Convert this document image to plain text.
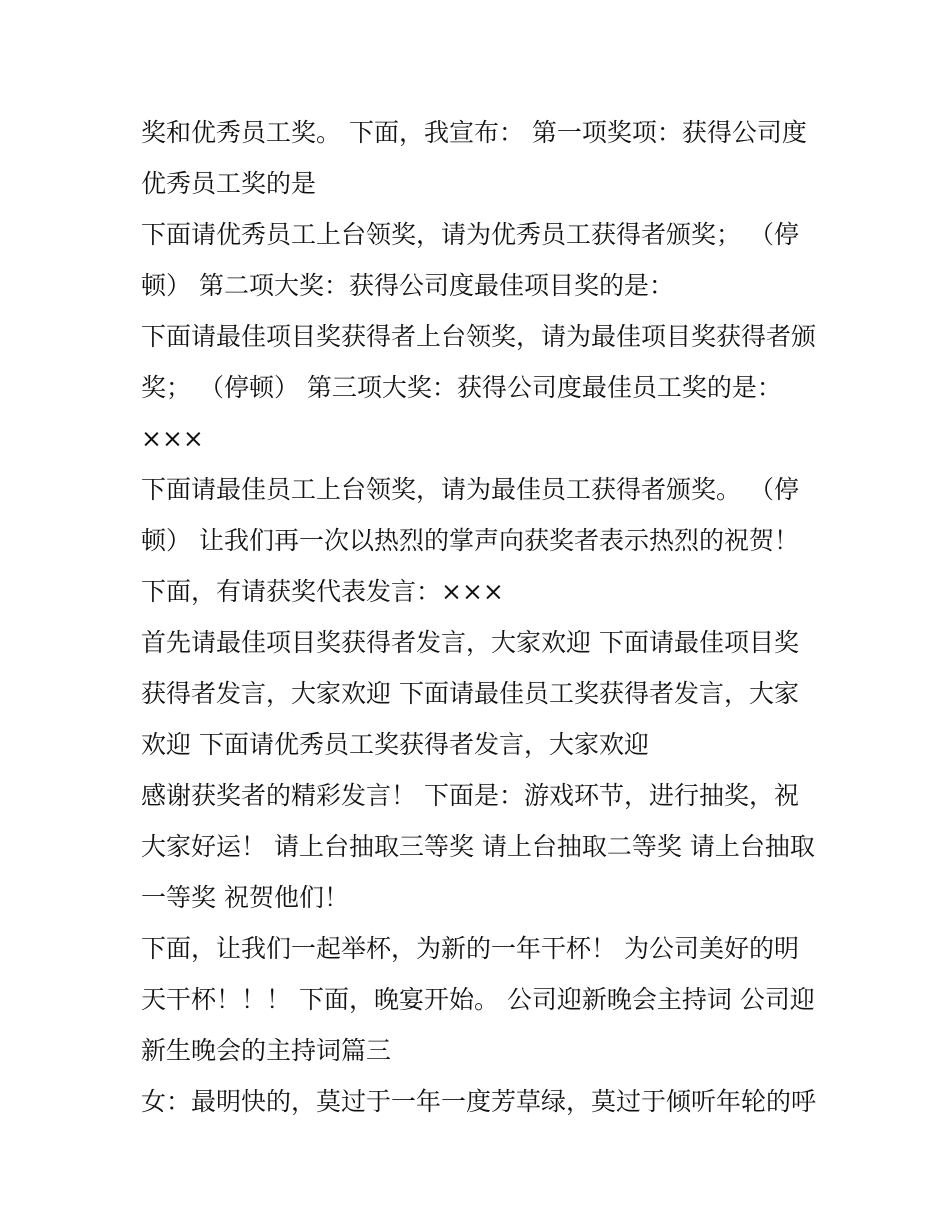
奖和优秀员工奖。 下面，我宣布： 第一项奖项：获得公司度
优秀员工奖的是
下面请优秀员工上台领奖，请为优秀员工获得者颁奖； （停
顿） 第二项大奖：获得公司度最佳项目奖的是：
下面请最佳项目奖获得者上台领奖，请为最佳项目奖获得者颁
奖； （停顿） 第三项大奖：获得公司度最佳员工奖的是：
×××
下面请最佳员工上台领奖，请为最佳员工获得者颁奖。 （停
顿） 让我们再一次以热烈的掌声向获奖者表示热烈的祝贺！
下面，有请获奖代表发言：×××
首先请最佳项目奖获得者发言，大家欢迎 下面请最佳项目奖
获得者发言，大家欢迎 下面请最佳员工奖获得者发言，大家
欢迎 下面请优秀员工奖获得者发言，大家欢迎
感谢获奖者的精彩发言！ 下面是：游戏环节，进行抽奖，祝
大家好运！ 请上台抽取三等奖 请上台抽取二等奖 请上台抽取
一等奖 祝贺他们！
下面，让我们一起举杯，为新的一年干杯！ 为公司美好的明
天干杯！！！ 下面，晚宴开始。 公司迎新晚会主持词 公司迎
新生晚会的主持词篇三
女：最明快的，莫过于一年一度芳草绿，莫过于倾听年轮的呼
